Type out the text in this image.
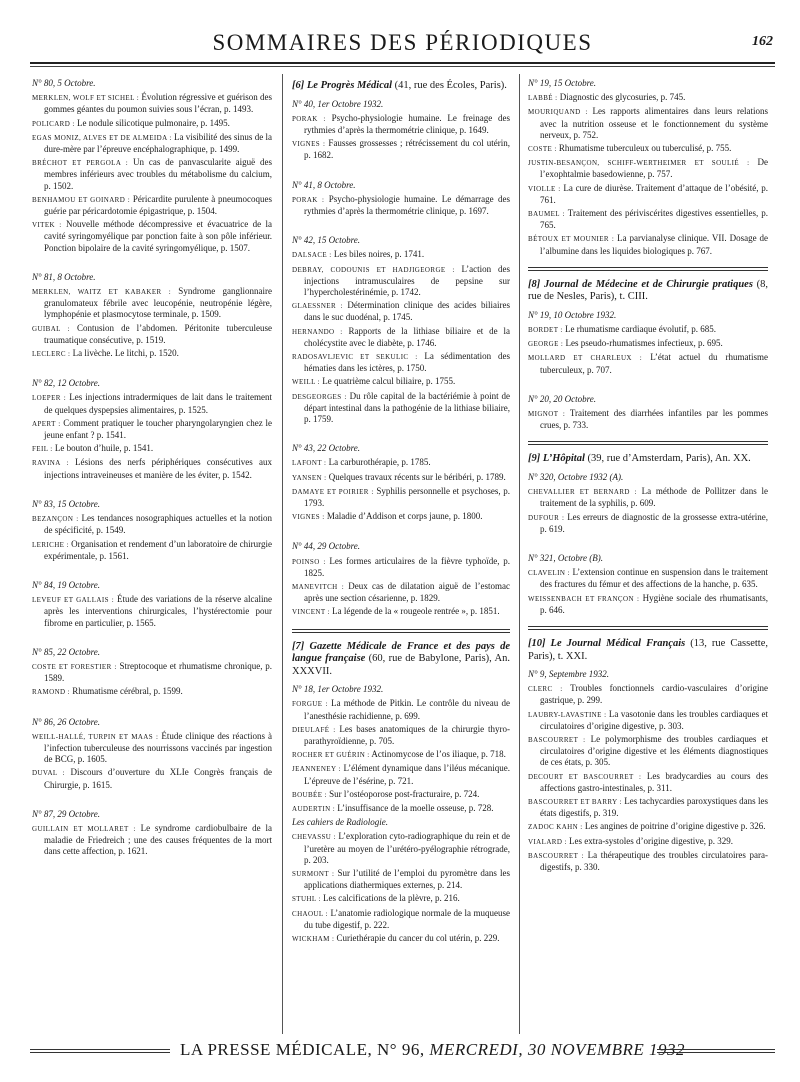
SOMMAIRES DES PÉRIODIQUES	162
N° 80, 5 Octobre.
MERKLEN, WOLF ET SICHEL : Évolution régressive et guérison des gommes géantes du poumon suivies sous l’écran, p. 1493.
POLICARD : Le nodule silicotique pulmonaire, p. 1495.
EGAS MONIZ, ALVES ET DE ALMEIDA : La visibilité des sinus de la dure-mère par l’épreuve encéphalographique, p. 1499.
BRÉCHOT ET PERGOLA : Un cas de panvascularite aiguë des membres inférieurs avec troubles du métabolisme du calcium, p. 1502.
BENHAMOU ET GOINARD : Péricardite purulente à pneumocoques guérie par péricardotomie épigastrique, p. 1504.
VITEK : Nouvelle méthode décompressive et évacuatrice de la cavité syringomyélique par ponction faite à son pôle inférieur. Ponction bipolaire de la cavité syringomyélique, p. 1507.
N° 81, 8 Octobre.
MERKLEN, WAITZ ET KABAKER : Syndrome ganglionnaire granulomateux fébrile avec leucopénie, neutropénie légère, lymphopénie et plasmocytose terminale, p. 1509.
GUIBAL : Contusion de l’abdomen. Péritonite tuberculeuse traumatique consécutive, p. 1519.
LECLERC : La livèche. Le litchi, p. 1520.
N° 82, 12 Octobre.
LOEPER : Les injections intradermiques de lait dans le traitement de quelques dyspepsies alimentaires, p. 1525.
APERT : Comment pratiquer le toucher pharyngolaryngien chez le jeune enfant ? p. 1541.
FEIL : Le bouton d’huile, p. 1541.
RAVINA : Lésions des nerfs périphériques consécutives aux injections intraveineuses et manière de les éviter, p. 1542.
N° 83, 15 Octobre.
BEZANÇON : Les tendances nosographiques actuelles et la notion de spécificité, p. 1549.
LERICHE : Organisation et rendement d’un laboratoire de chirurgie expérimentale, p. 1561.
N° 84, 19 Octobre.
LEVEUF ET GALLAIS : Étude des variations de la réserve alcaline après les interventions chirurgicales, l’hystérectomie pour fibrome en particulier, p. 1565.
N° 85, 22 Octobre.
COSTE ET FORESTIER : Streptocoque et rhumatisme chronique, p. 1589.
RAMOND : Rhumatisme cérébral, p. 1599.
N° 86, 26 Octobre.
WEILL-HALLÉ, TURPIN ET MAAS : Étude clinique des réactions à l’infection tuberculeuse des nourrissons vaccinés par ingestion de BCG, p. 1605.
DUVAL : Discours d’ouverture du XLIe Congrès français de Chirurgie, p. 1615.
N° 87, 29 Octobre.
GUILLAIN ET MOLLARET : Le syndrome cardiobulbaire de la maladie de Friedreich ; une des causes fréquentes de la mort dans cette affection, p. 1621.
[6] Le Progrès Médical (41, rue des Écoles, Paris).
N° 40, 1er Octobre 1932.
PORAK : Psycho-physiologie humaine. Le freinage des rythmies d’après la thermométrie clinique, p. 1649.
VIGNES : Fausses grossesses ; rétrécissement du col utérin, p. 1682.
N° 41, 8 Octobre.
PORAK : Psycho-physiologie humaine. Le démarrage des rythmies d’après la thermométrie clinique, p. 1697.
N° 42, 15 Octobre.
DALSACE : Les biles noires, p. 1741.
DEBRAY, CODOUNIS ET HADJIGEORGE : L’action des injections intramusculaires de pepsine sur l’hypercholestérinémie, p. 1742.
GLAESSNER : Détermination clinique des acides biliaires dans le suc duodénal, p. 1745.
HERNANDO : Rapports de la lithiase biliaire et de la cholécystite avec le diabète, p. 1746.
RADOSAVLJEVIC ET SEKULIC : La sédimentation des hématies dans les ictères, p. 1750.
WEILL : Le quatrième calcul biliaire, p. 1755.
DESGEORGES : Du rôle capital de la bactériémie à point de départ intestinal dans la pathogénie de la lithiase biliaire, p. 1759.
N° 43, 22 Octobre.
LAFONT : La carburothérapie, p. 1785.
YANSEN : Quelques travaux récents sur le béribéri, p. 1789.
DAMAYE ET POIRIER : Syphilis personnelle et psychoses, p. 1793.
VIGNES : Maladie d’Addison et corps jaune, p. 1800.
N° 44, 29 Octobre.
POINSO : Les formes articulaires de la fièvre typhoïde, p. 1825.
MANEVITCH : Deux cas de dilatation aiguë de l’estomac après une section césarienne, p. 1829.
VINCENT : La légende de la « rougeole rentrée », p. 1851.
[7] Gazette Médicale de France et des pays de langue française (60, rue de Babylone, Paris), An. XXXVII.
N° 18, 1er Octobre 1932.
FORGUE : La méthode de Pitkin. Le contrôle du niveau de l’anesthésie rachidienne, p. 699.
DIEULAFÉ : Les bases anatomiques de la chirurgie thyro-parathyroïdienne, p. 705.
ROCHER ET GUÉRIN : Actinomycose de l’os iliaque, p. 718.
JEANNENEY : L’élément dynamique dans l’iléus mécanique. L’épreuve de l’ésérine, p. 721.
BOUBÉE : Sur l’ostéoporose post-fracturaire, p. 724.
AUDERTIN : L’insuffisance de la moelle osseuse, p. 728.
Les cahiers de Radiologie.
CHEVASSU : L’exploration cyto-radiographique du rein et de l’uretère au moyen de l’urétéro-pyélographie rétrograde, p. 203.
SURMONT : Sur l’utilité de l’emploi du pyromètre dans les applications diathermiques externes, p. 214.
STUHL : Les calcifications de la plèvre, p. 216.
CHAOUL : L’anatomie radiologique normale de la muqueuse du tube digestif, p. 222.
WICKHAM : Curiethérapie du cancer du col utérin, p. 229.
N° 19, 15 Octobre.
LABBÉ : Diagnostic des glycosuries, p. 745.
MOURIQUAND : Les rapports alimentaires dans leurs relations avec la nutrition osseuse et le fonctionnement du système nerveux, p. 752.
COSTE : Rhumatisme tuberculeux ou tuberculisé, p. 755.
JUSTIN-BESANÇON, SCHIFF-WERTHEIMER ET SOULIÉ : De l’exophtalmie basedowienne, p. 757.
VIOLLE : La cure de diurèse. Traitement d’attaque de l’obésité, p. 761.
BAUMEL : Traitement des périviscérites digestives essentielles, p. 765.
BÉTOUX ET MOUNIER : La parvianalyse clinique. VII. Dosage de l’albumine dans les liquides biologiques p. 767.
[8] Journal de Médecine et de Chirurgie pratiques (8, rue de Nesles, Paris), t. CIII.
N° 19, 10 Octobre 1932.
BORDET : Le rhumatisme cardiaque évolutif, p. 685.
GEORGE : Les pseudo-rhumatismes infectieux, p. 695.
MOLLARD ET CHARLEUX : L’état actuel du rhumatisme tuberculeux, p. 707.
N° 20, 20 Octobre.
MIGNOT : Traitement des diarrhées infantiles par les pommes crues, p. 733.
[9] L’Hôpital (39, rue d’Amsterdam, Paris), An. XX.
N° 320, Octobre 1932 (A).
CHEVALLIER ET BERNARD : La méthode de Pollitzer dans le traitement de la syphilis, p. 609.
DUFOUR : Les erreurs de diagnostic de la grossesse extra-utérine, p. 619.
N° 321, Octobre (B).
CLAVELIN : L’extension continue en suspension dans le traitement des fractures du fémur et des affections de la hanche, p. 635.
WEISSENBACH ET FRANÇON : Hygiène sociale des rhumatisants, p. 646.
[10] Le Journal Médical Français (13, rue Cassette, Paris), t. XXI.
N° 9, Septembre 1932.
CLERC : Troubles fonctionnels cardio-vasculaires d’origine gastrique, p. 299.
LAUBRY-LAVASTINE : La vasotonie dans les troubles cardiaques et circulatoires d’origine digestive, p. 303.
BASCOURRET : Le polymorphisme des troubles cardiaques et circulatoires d’origine digestive et les éléments diagnostiques de ces états, p. 305.
DECOURT ET BASCOURRET : Les bradycardies au cours des affections gastro-intestinales, p. 311.
BASCOURRET ET BARRY : Les tachycardies paroxystiques dans les états digestifs, p. 319.
ZADOC KAHN : Les angines de poitrine d’origine digestive p. 326.
VIALARD : Les extra-systoles d’origine digestive, p. 329.
BASCOURRET : La thérapeutique des troubles circulatoires para-digestifs, p. 330.
LA PRESSE MÉDICALE, N° 96, MERCREDI, 30 NOVEMBRE 1932
